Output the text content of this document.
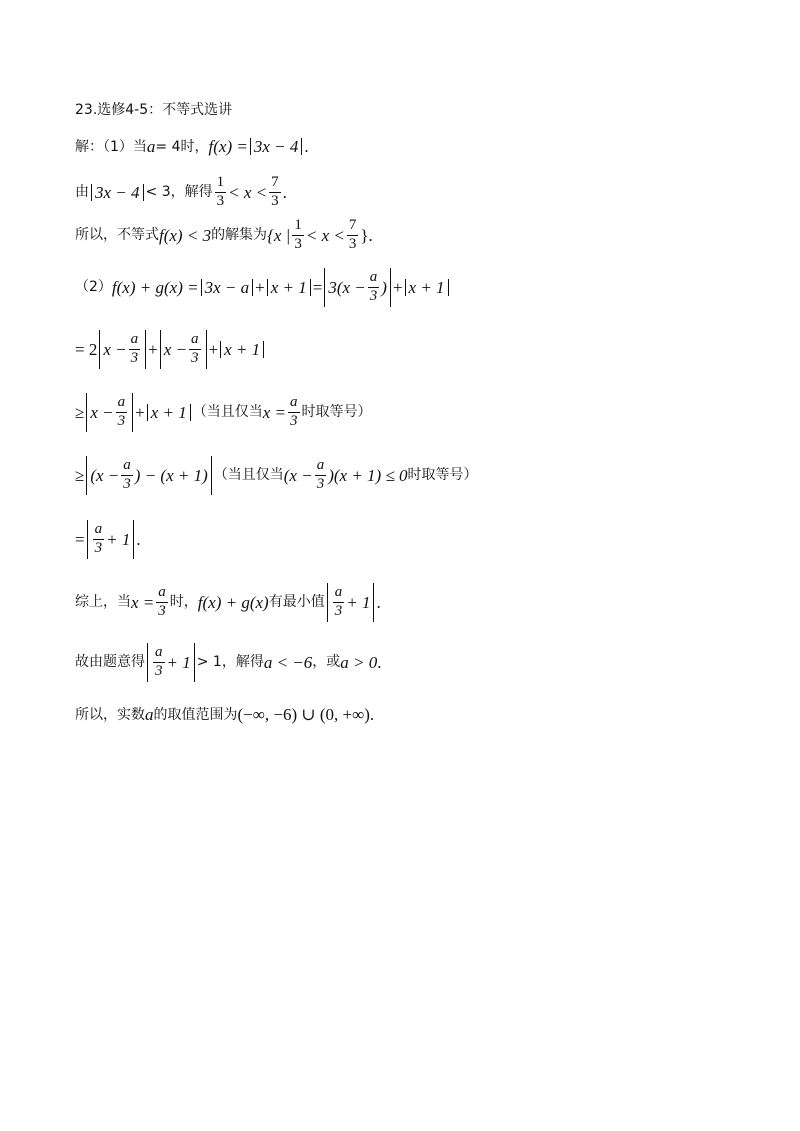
23.选修4-5：不等式选讲
解：（1）当 a = 4时， f(x) = 3x − 4 .
由 3x − 4 < 3，解得 $\frac{1}{3} < x < \frac{7}{3}$ .
所以，不等式 f(x) < 3 的解集为 {x | $\frac{1}{3} < x < \frac{7}{3}$ }.
（2） $f(x) + g(x) = 3x - a + x + 1 = 3(x - \frac{a}{3}$ ) + x + 1
= 2 $x - \frac{a}{3} + x - \frac{a}{3} + x + 1$
≥ $x - \frac{a}{3} + x + 1$ （当且仅当 $x = \frac{a}{3}$ 时取等号）
≥ ($x - \frac{a}{3}$ ) − (x + 1) （当且仅当 $(x - \frac{a}{3} )(x + 1) \le 0$ 时取等号）
= $\frac{a}{3} + 1$ .
综上，当 $x = \frac{a}{3}$ 时， f(x) + g(x) 有最小值 $\frac{a}{3} + 1$ .
故由题意得 $\frac{a}{3} + 1 > 1$，解得 a < −6 ，或 a > 0 .
所以，实数 a 的取值范围为 (−∞, −6) ∪ (0, +∞) .
